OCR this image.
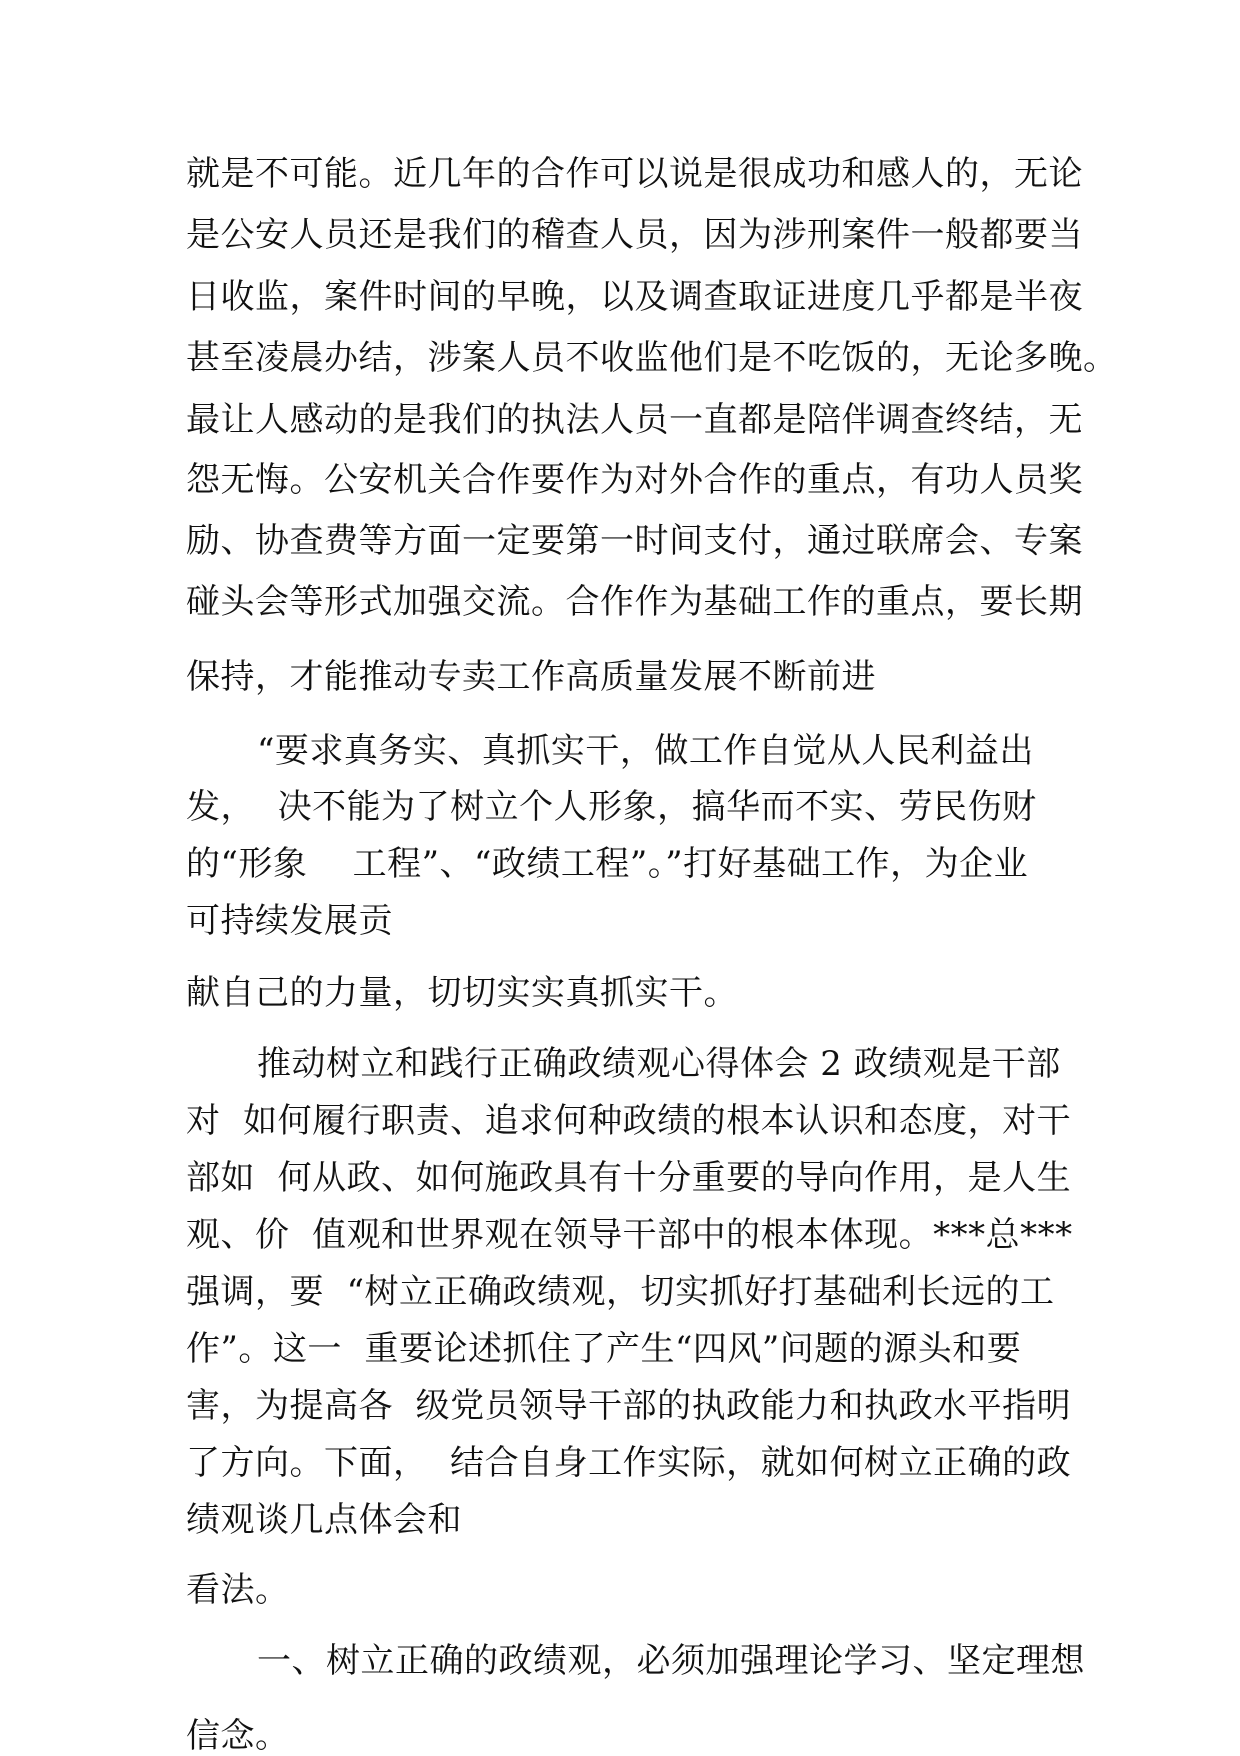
就是不可能。近几年的合作可以说是很成功和感人的，无论
是公安人员还是我们的稽查人员，因为涉刑案件一般都要当
日收监，案件时间的早晚，以及调查取证进度几乎都是半夜
甚至凌晨办结，涉案人员不收监他们是不吃饭的，无论多晚。
最让人感动的是我们的执法人员一直都是陪伴调查终结，无
怨无悔。公安机关合作要作为对外合作的重点，有功人员奖
励、协查费等方面一定要第一时间支付，通过联席会、专案
碰头会等形式加强交流。合作作为基础工作的重点，要长期
保持，才能推动专卖工作高质量发展不断前进
“要求真务实、真抓实干，做工作自觉从人民利益出
发，  决不能为了树立个人形象，搞华而不实、劳民伤财
的“形象    工程”、“政绩工程”。”打好基础工作，为企业
可持续发展贡
献自己的力量，切切实实真抓实干。
推动树立和践行正确政绩观心得体会 2 政绩观是干部
对  如何履行职责、追求何种政绩的根本认识和态度，对干
部如  何从政、如何施政具有十分重要的导向作用，是人生
观、价  值观和世界观在领导干部中的根本体现。***总***
强调，要  “树立正确政绩观，切实抓好打基础利长远的工
作”。这一  重要论述抓住了产生“四风”问题的源头和要
害，为提高各  级党员领导干部的执政能力和执政水平指明
了方向。下面，  结合自身工作实际，就如何树立正确的政
绩观谈几点体会和
看法。
一、树立正确的政绩观，必须加强理论学习、坚定理想
信念。
